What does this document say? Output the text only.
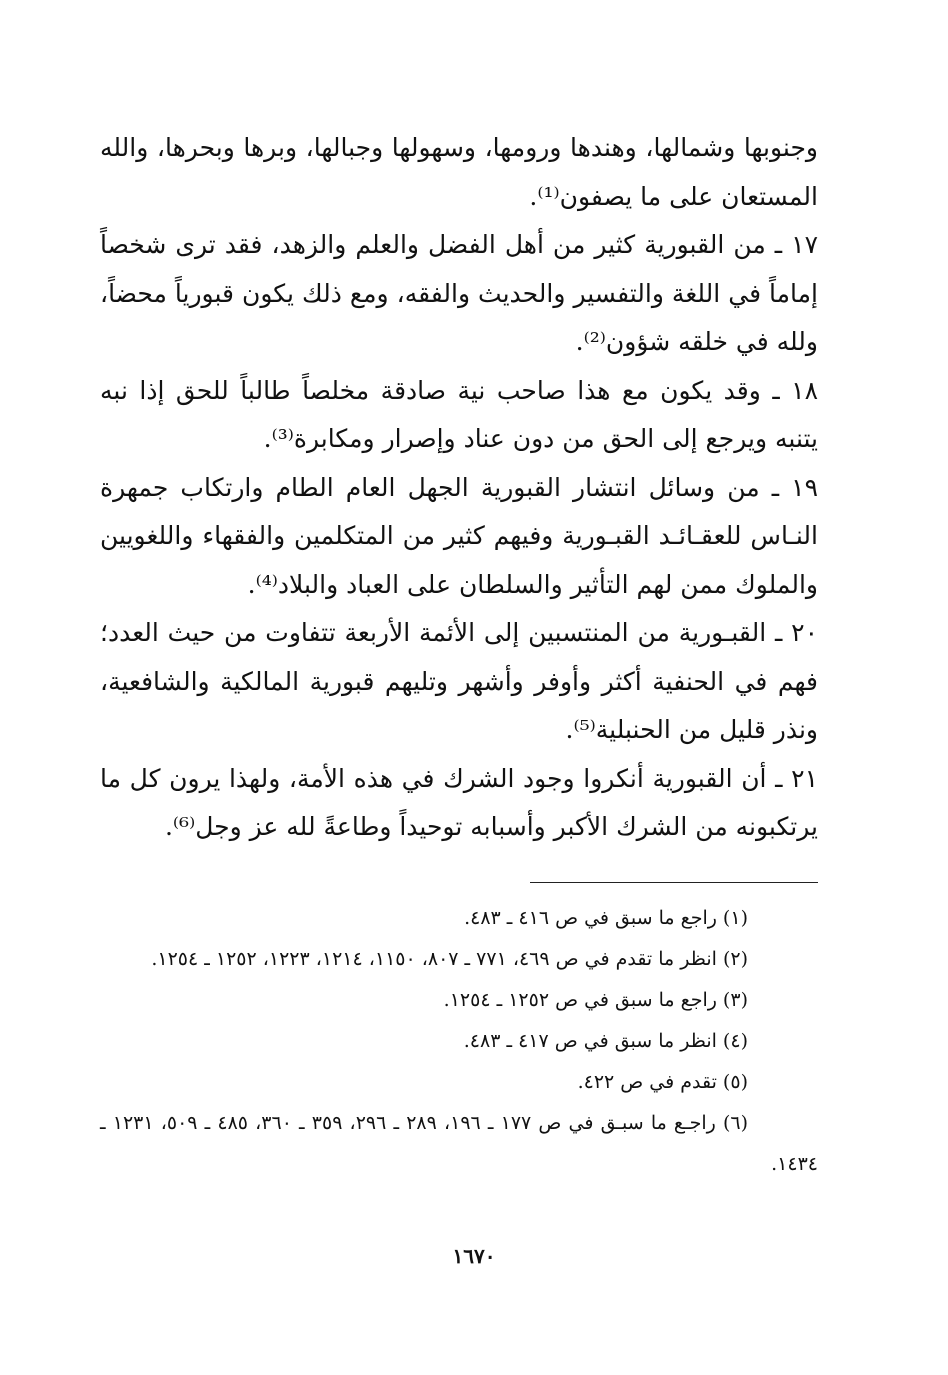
وجنوبها وشمالها، وهندها ورومها، وسهولها وجبالها، وبرها وبحرها، والله المستعان على ما يصفون⁽¹⁾.

١٧ ـ من القبورية كثير من أهل الفضل والعلم والزهد، فقد ترى شخصاً إماماً في اللغة والتفسير والحديث والفقه، ومع ذلك يكون قبورياً محضاً، ولله في خلقه شؤون⁽²⁾.

١٨ ـ وقد يكون مع هذا صاحب نية صادقة مخلصاً طالباً للحق إذا نبه يتنبه ويرجع إلى الحق من دون عناد وإصرار ومكابرة⁽³⁾.

١٩ ـ من وسائل انتشار القبورية الجهل العام الطام وارتكاب جمهرة النـاس للعقـائـد القبـورية وفيهم كثير من المتكلمين والفقهاء واللغويين والملوك ممن لهم التأثير والسلطان على العباد والبلاد⁽⁴⁾.

٢٠ ـ القبـورية من المنتسبين إلى الأئمة الأربعة تتفاوت من حيث العدد؛ فهم في الحنفية أكثر وأوفر وأشهر وتليهم قبورية المالكية والشافعية، ونذر قليل من الحنبلية⁽⁵⁾.

٢١ ـ أن القبورية أنكروا وجود الشرك في هذه الأمة، ولهذا يرون كل ما يرتكبونه من الشرك الأكبر وأسبابه توحيداً وطاعةً لله عز وجل⁽⁶⁾.

(١) راجع ما سبق في ص ٤١٦ ـ ٤٨٣.

(٢) انظر ما تقدم في ص ٤٦٩، ٧٧١ ـ ٨٠٧، ١١٥٠، ١٢١٤، ١٢٢٣، ١٢٥٢ ـ ١٢٥٤.

(٣) راجع ما سبق في ص ١٢٥٢ ـ ١٢٥٤.

(٤) انظر ما سبق في ص ٤١٧ ـ ٤٨٣.

(٥) تقدم في ص ٤٢٢.

(٦) راجـع ما سبـق في ص ١٧٧ ـ ١٩٦، ٢٨٩ ـ ٢٩٦، ٣٥٩ ـ ٣٦٠، ٤٨٥ ـ ٥٠٩، ١٢٣١ ـ ١٤٣٤.

١٦٧٠
